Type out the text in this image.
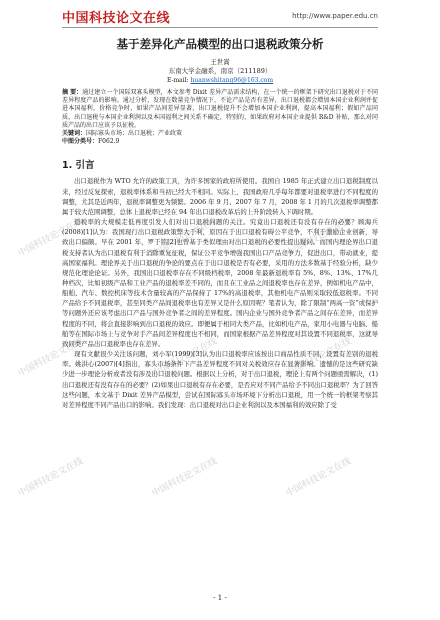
中国科技论文在线	中国科技论文在线	中国科技论文在线
中国科技论文在线	中国科技论文在线	中国科技论文在线
中国科技论文在线	中国科技论文在线	中国科技论文在线
中国科技论文在线	http://www.paper.edu.cn
基于差异化产品模型的出口退税政策分析
王世嵩
东南大学金融系，南京（211189）
E-mail: huanwshitang96@163.com
摘 要：通过建立一个国际双寡头模型，本文参考 Dixit 差异产品需求结构，在一个统一的框架下研究出口退税对于不同差异程度产品的影响。通过分析，发现在数量竞争情况下，不论产品是否有差异，出口退税都会增加本国企业利润并促进本国福利，价格竞争时，如果产品间差异显著，出口退税提升不会增加本国企业利润，提高本国福利；假如产品同质，出口退税与本国企业利润以及本国福利之间关系不确定，特别的，如果政府对本国企业提供 R&D 补贴，那么对同质产品的出口应该予以征税。
关键词：国际寡头市场；出口退税；产业政策
中图分类号：F062.9
1. 引言

出口退税作为 WTO 允许的政策工具，为许多国家的政府所使用。我国自 1985 年正式建立出口退税制度以来，经过反复探索，退税率体系和当初已经大不相同。实际上，我国政府几乎每年都要对退税率进行不同程度的调整，尤其是近两年，退税率调整更为频繁。2006 年 9 月、2007 年 7 月，2008 年 1 月的几次退税率调整都属于较大范围调整，总体上退税率已经在 94 年出口退税改革后的上升阶段转入下调时期。

退税率的大规模走低再度引发人们对出口退税问题的关注。究竟出口退税还有没有存在的必要？顾海兵(2008)[1]认为：我国现行出口退税政策弊大于利，原因在于出口退税有碍公平竞争，不利于激励企业创新，导致出口偏颇。早在 2001 年，罗于铭[2]也曾基于类似理由对出口退税的必要性提出疑问。而国内理论界出口退税支持者认为出口退税有利于消除重复征税，保证公平竞争增强我国出口产品竞争力，促进出口，带动就业，提高国家福利。理论界关于出口退税的争论的要点在于出口退税是否有必要，采用的方法多数基于经验分析，缺少规范化理论论证。另外，我国出口退税率存在不同级档税率，2008 年最新退税率有 5%、8%、13%、17%几种档次，比如初级产品和工业产品的退税率差不同的，而且在工业品之间退税率也存在差异，例如机电产品中，船舶、汽车、数控机床等技术含量较高的产品保持了 17%的高退税率，其他机电产品则采取较低退税率。不同产品给予不同退税率，甚至同类产品间退税率也有差异又是什么原因呢？笔者认为，除了限制“两高一资”或保护等问题外还应该考虑出口产品与国外竞争者之间的差异程度。国内企业与国外竞争者产品之间存在差异，而差异程度的不同，将会直接影响到出口退税的效应。即便属于相同大类产品，比如机电产品，家用小电器与电脑、船舶等在国际市场上与竞争对手产品间差异程度也不相同，而国家根据产品差异程度对其设置不同退税率，这就导致同类产品出口退税率也存在差异。

现有文献很少关注该问题，刘小军(1999)[3]认为出口退税率应该按出口商品性质不同，设置有差别的退税率。姚洪心(2007)[4]指出，寡头市场条件下产品差异程度不同对关税效应存在显著影响。遗憾的是这些研究缺少进一步理论分析或者没有涉及出口退税问题。根据以上分析，对于出口退税，理论上有两个问题亟需解决，(1)出口退税还有没有存在的必要？(2)如果出口退税有存在必要，是否应对不同产品给予不同出口退税率？为了回答这些问题，本文基于 Dixit 差异产品模型，尝试在国际寡头市场环境下分析出口退税，用一个统一的框架考察其对差异程度不同产品出口的影响。我们发现：出口退税对出口企业利润以及本国福利的效应除了受

- 1 -
